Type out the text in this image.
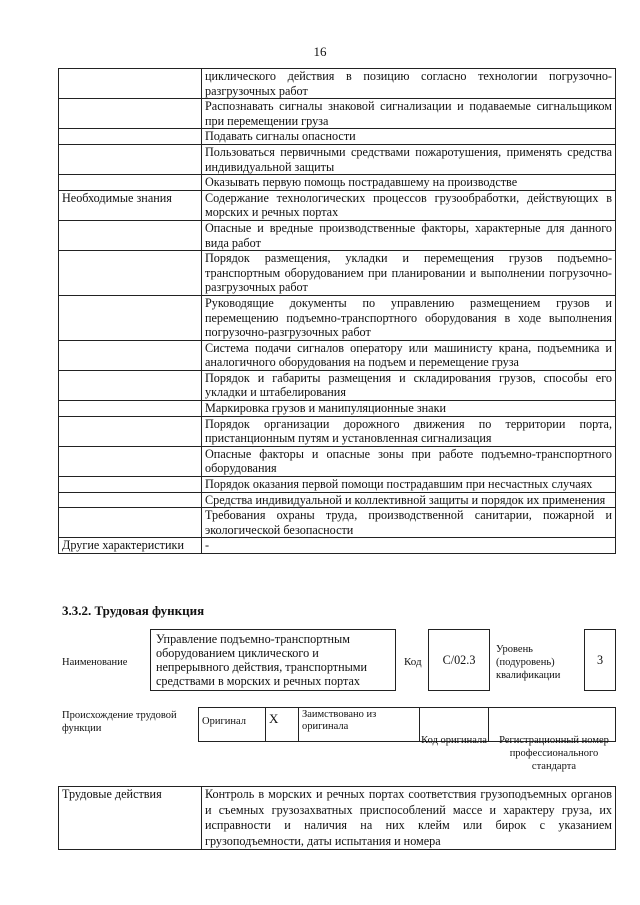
16
	циклического действия в позицию согласно технологии погрузочно-разгрузочных работ
	Распознавать сигналы знаковой сигнализации и подаваемые сигнальщиком при перемещении груза
	Подавать сигналы опасности
	Пользоваться первичными средствами пожаротушения, применять средства индивидуальной защиты
	Оказывать первую помощь пострадавшему на производстве
Необходимые знания	Содержание технологических процессов грузообработки, действующих в морских и речных портах
	Опасные и вредные производственные факторы, характерные для данного вида работ
	Порядок размещения, укладки и перемещения грузов подъемно-транспортным оборудованием при планировании и выполнении погрузочно-разгрузочных работ
	Руководящие документы по управлению размещением грузов и перемещению подъемно-транспортного оборудования в ходе выполнения погрузочно-разгрузочных работ
	Система подачи сигналов оператору или машинисту крана, подъемника и аналогичного оборудования на подъем и перемещение груза
	Порядок и габариты размещения и складирования грузов, способы его укладки и штабелирования
	Маркировка грузов и манипуляционные знаки
	Порядок организации дорожного движения по территории порта, пристанционным путям и установленная сигнализация
	Опасные факторы и опасные зоны при работе подъемно-транспортного оборудования
	Порядок оказания первой помощи пострадавшим при несчастных случаях
	Средства индивидуальной и коллективной защиты и порядок их применения
	Требования охраны труда, производственной санитарии, пожарной и экологической безопасности
Другие характеристики	-
3.3.2. Трудовая функция
Наименование
Управление подъемно-транспортным оборудованием циклического и непрерывного действия, транспортными средствами в морских и речных портах
Код	С/02.3
Уровень (подуровень) квалификации
3
Происхождение трудовой функции
Оригинал	X	Заимствовано из оригинала		
Код оригинала	Регистрационный номер профессионального стандарта
Трудовые действия	Контроль в морских и речных портах соответствия грузоподъемных органов и съемных грузозахватных приспособлений массе и характеру груза, их исправности и наличия на них клейм или бирок с указанием грузоподъемности, даты испытания и номера
